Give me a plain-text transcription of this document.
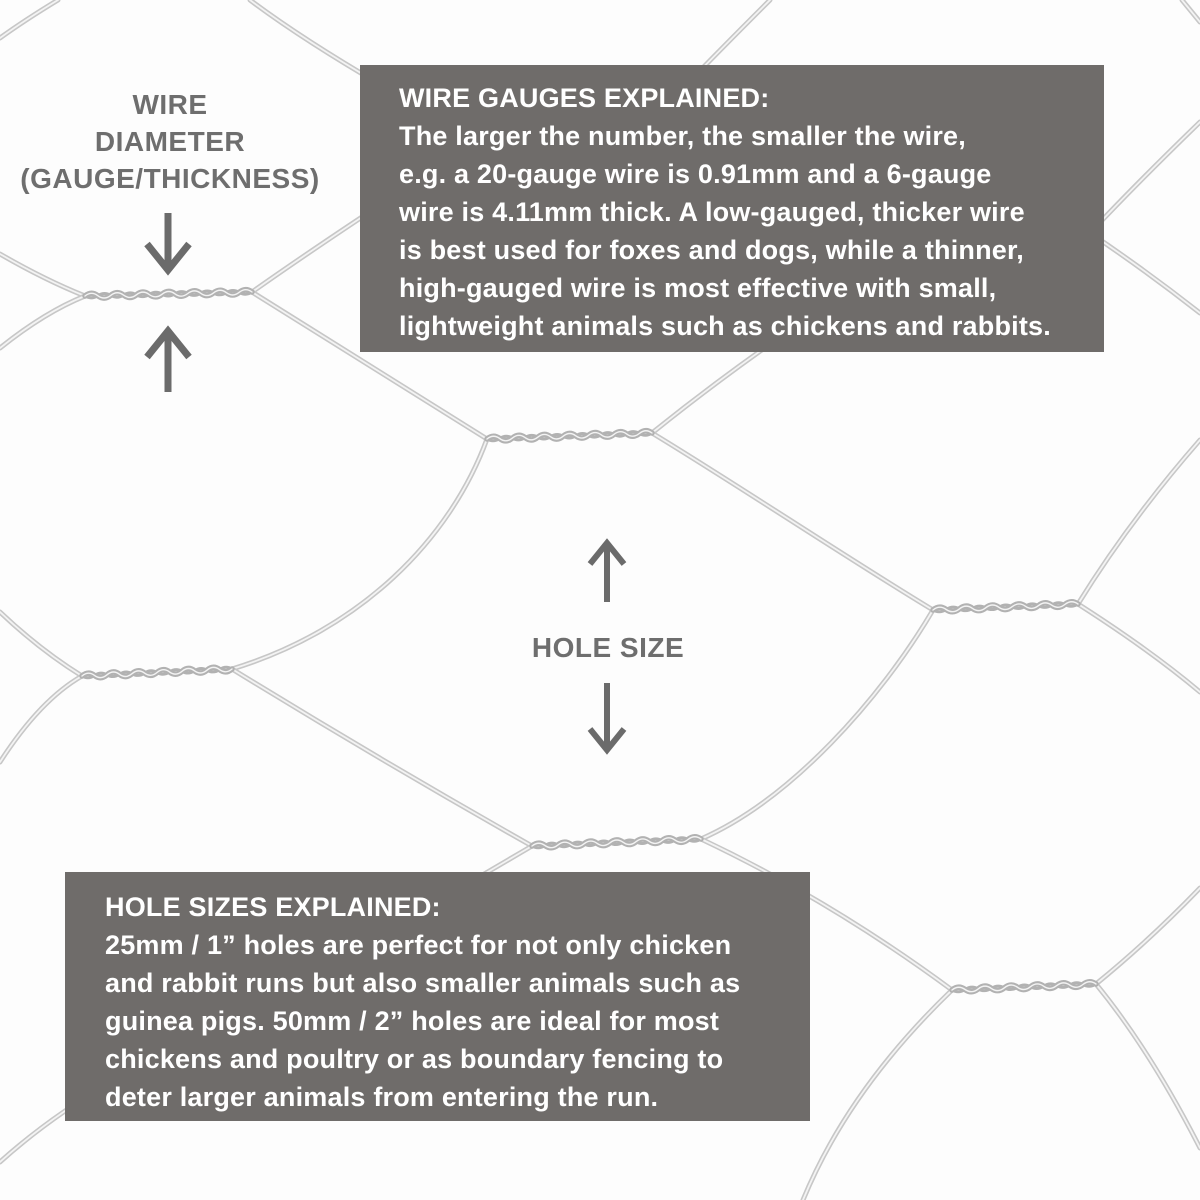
WIRE
DIAMETER
(GAUGE/THICKNESS)
HOLE SIZE
WIRE GAUGES EXPLAINED:
The larger the number, the smaller the wire,
e.g. a 20-gauge wire is 0.91mm and a 6-gauge
wire is 4.11mm thick. A low-gauged, thicker wire
is best used for foxes and dogs, while a thinner,
high-gauged wire is most effective with small,
lightweight animals such as chickens and rabbits.
HOLE SIZES EXPLAINED:
25mm / 1” holes are perfect for not only chicken
and rabbit runs but also smaller animals such as
guinea pigs. 50mm / 2” holes are ideal for most
chickens and poultry or as boundary fencing to
deter larger animals from entering the run.
